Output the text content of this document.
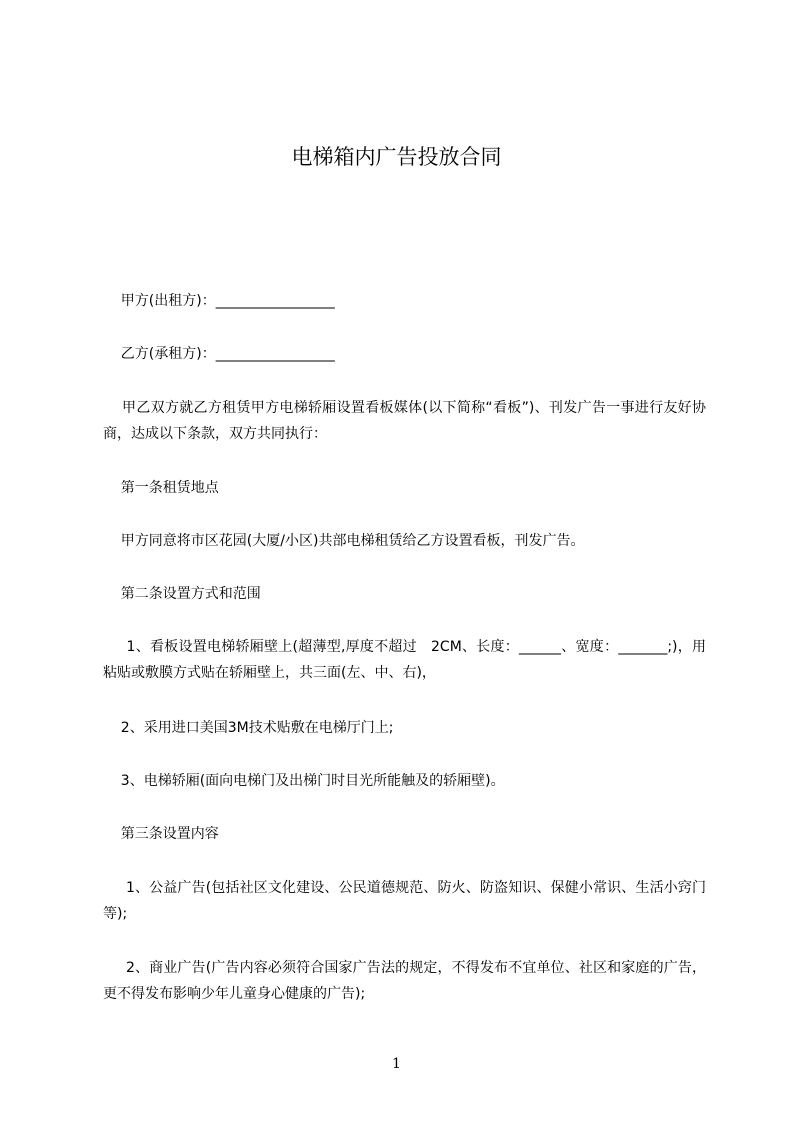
电梯箱内广告投放合同
甲方(出租方)：_________________
乙方(承租方)：_________________
甲乙双方就乙方租赁甲方电梯轿厢设置看板媒体(以下简称“看板”)、刊发广告一事进行友好协商，达成以下条款，双方共同执行：
第一条租赁地点
甲方同意将市区花园(大厦/小区)共部电梯租赁给乙方设置看板，刊发广告。
第二条设置方式和范围
1、看板设置电梯轿厢壁上(超薄型,厚度不超过   2CM、长度：______、宽度：_______;)，用粘贴或敷膜方式贴在轿厢壁上，共三面(左、中、右)，
2、采用进口美国3M技术贴敷在电梯厅门上;
3、电梯轿厢(面向电梯门及出梯门时目光所能触及的轿厢壁)。
第三条设置内容
1、公益广告(包括社区文化建设、公民道德规范、防火、防盗知识、保健小常识、生活小窍门等);
2、商业广告(广告内容必须符合国家广告法的规定，不得发布不宜单位、社区和家庭的广告，更不得发布影响少年儿童身心健康的广告);
1
